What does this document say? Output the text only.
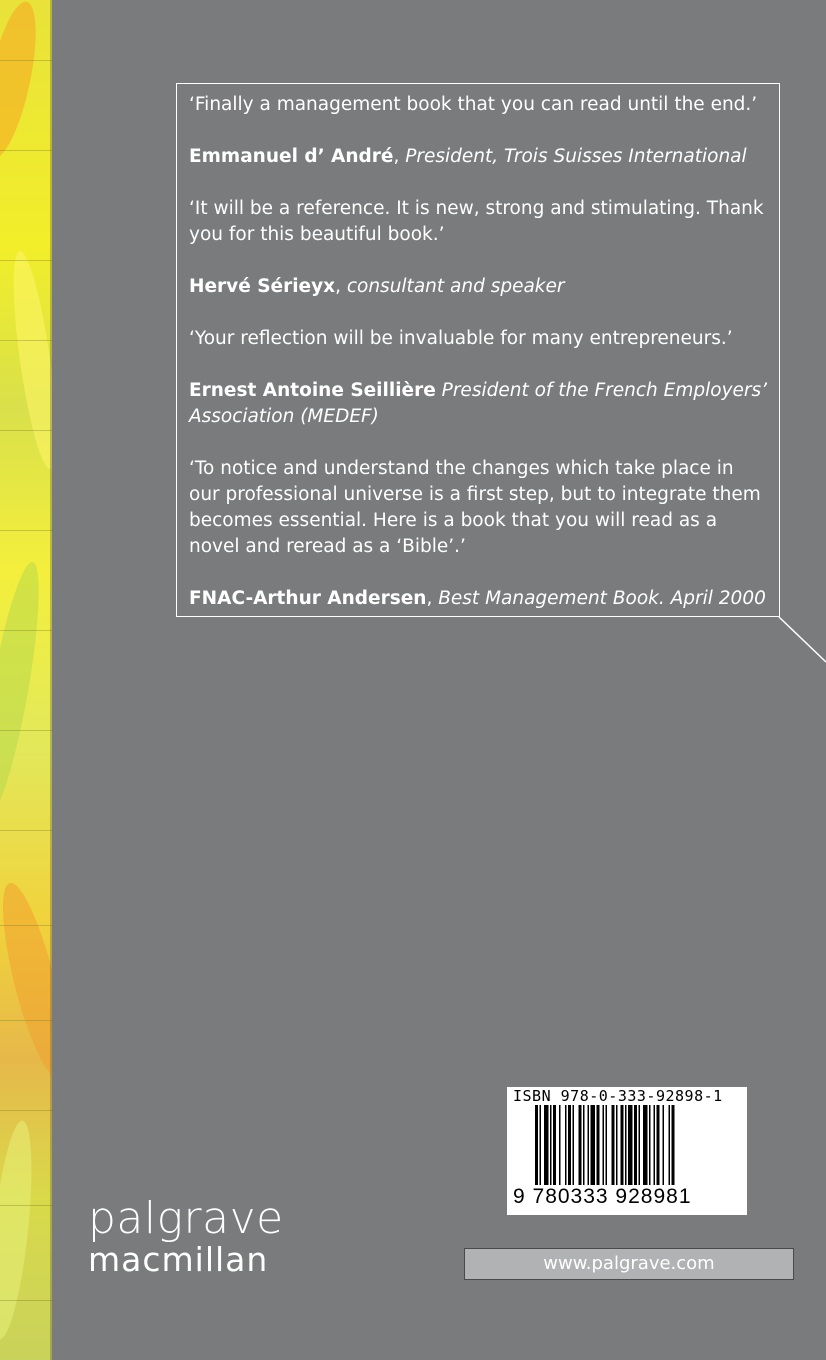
‘Finally a management book that you can read until the end.’

Emmanuel d’ André, President, Trois Suisses International

‘It will be a reference. It is new, strong and stimulating. Thank you for this beautiful book.’

Hervé Sérieyx, consultant and speaker

‘Your reflection will be invaluable for many entrepreneurs.’

Ernest Antoine Seillière President of the French Employers’ Association (MEDEF)

‘To notice and understand the changes which take place in our professional universe is a first step, but to integrate them becomes essential. Here is a book that you will read as a novel and reread as a ‘Bible’.’

FNAC-Arthur Andersen, Best Management Book. April 2000

ISBN 978-0-333-92898-1
9 780333 928981
palgrave
macmillan	www.palgrave.com
